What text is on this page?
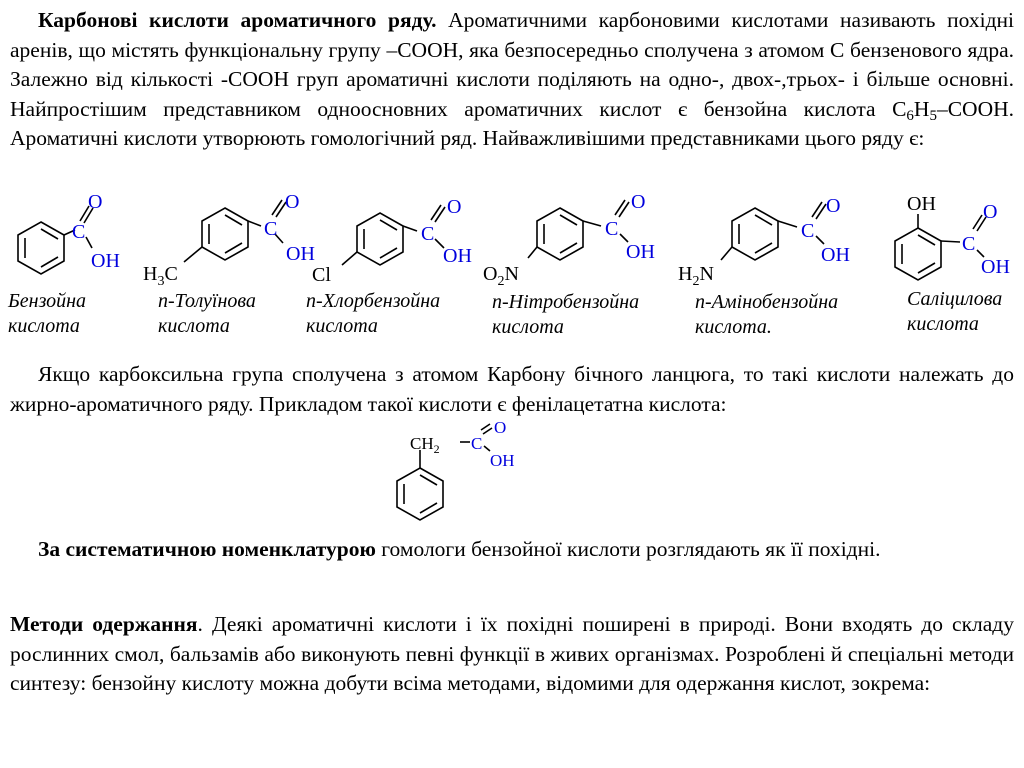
Карбонові кислоти ароматичного ряду. Ароматичними карбоновими кислотами називають похідні аренів, що містять функціональну групу –СООН, яка безпосередньо сполучена з атомом С бензенового ядра. Залежно від кількості -СООН груп ароматичні кислоти поділяють на одно-, двох-,трьох- і більше основні. Найпростішим представником одноосновних ароматичних кислот є бензойна кислота $C_6H_5$–COOH. Ароматичні кислоти утворюють гомологічний ряд. Найважливішими представниками цього ряду є:

C
O
OH

Бензойна
кислота

C
O
OH
$H_3C$

n-Толуїнова
кислота

C
O
OH
Cl

n-Хлорбензойна
кислота

C
O
OH
$O_2N$

n-Нітробензойна
кислота

C
O
OH
$H_2N$

n-Амінобензойна
кислота.

C
O
OH
OH

Саліцилова
кислота

Якщо карбоксильна група сполучена з атомом Карбону бічного ланцюга, то такі кислоти належать до жирно-ароматичного ряду. Прикладом такої кислоти є фенілацетатна кислота:

$CH_2$ C
O
OH

За систематичною номенклатурою гомологи бензойної кислоти розглядають як її похідні.

Методи одержання. Деякі ароматичні кислоти і їх похідні поширені в природі. Вони входять до складу рослинних смол, бальзамів або виконують певні функції в живих організмах. Розроблені й спеціальні методи синтезу: бензойну кислоту можна добути всіма методами, відомими для одержання кислот, зокрема:
